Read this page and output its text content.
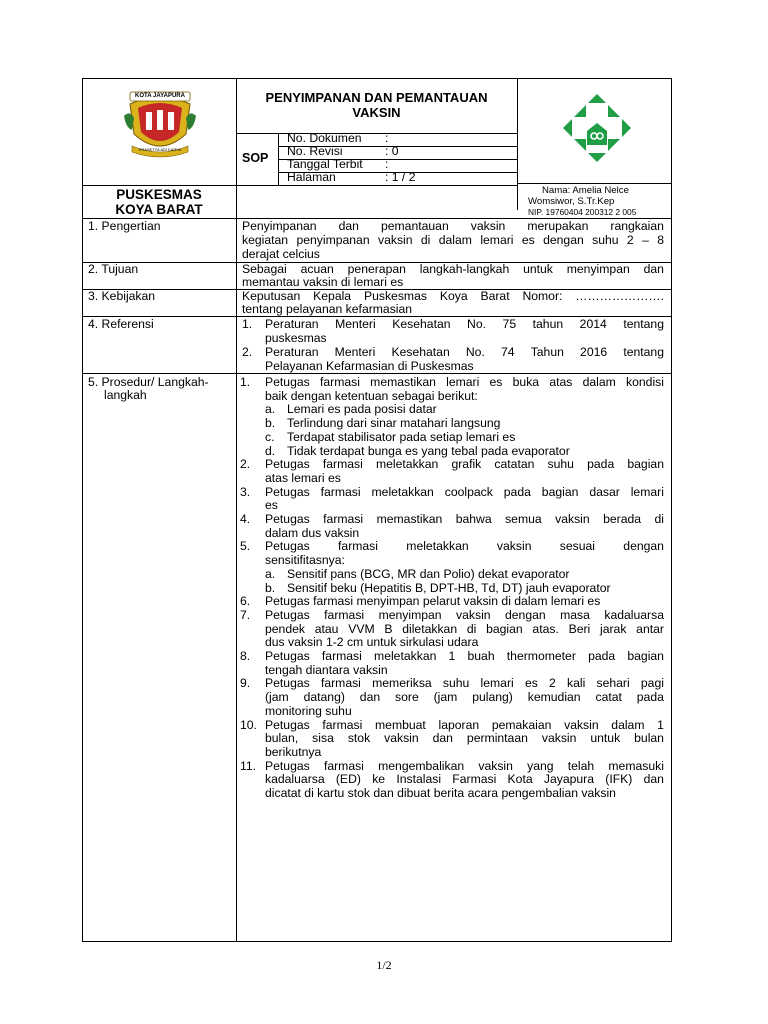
KOTA JAYAPURA
PRASETYA ADI KARYA
PENYIMPANAN DAN PEMANTAUAN
VAKSIN
SOP
No. Dokumen :
No. Revisi	: 0
Tanggal Terbit :
Halaman	: 1 / 2
PUSKESMAS
KOYA BARAT
Nama: Amelia Nelce
Womsiwor, S.Tr.Kep
NIP. 19760404 200312 2 005
1. Pengertian	Penyimpanan dan pemantauan vaksin merupakan rangkaian
kegiatan penyimpanan vaksin di dalam lemari es dengan suhu 2 – 8
derajat celcius
2. Tujuan	Sebagai acuan penerapan langkah-langkah untuk menyimpan dan
memantau vaksin di lemari es
3. Kebijakan	Keputusan Kepala Puskesmas Koya Barat Nomor: ………………….
tentang pelayanan kefarmasian
4. Referensi	1. Peraturan Menteri Kesehatan No. 75 tahun 2014 tentang
puskesmas
2. Peraturan Menteri Kesehatan No. 74 Tahun 2016 tentang
Pelayanan Kefarmasian di Puskesmas
5. Prosedur/ Langkah-
langkah
1. Petugas farmasi memastikan lemari es buka atas dalam kondisi
baik dengan ketentuan sebagai berikut:
a. Lemari es pada posisi datar
b. Terlindung dari sinar matahari langsung
c. Terdapat stabilisator pada setiap lemari es
d. Tidak terdapat bunga es yang tebal pada evaporator
2. Petugas farmasi meletakkan grafik catatan suhu pada bagian
atas lemari es
3. Petugas farmasi meletakkan coolpack pada bagian dasar lemari
es
4. Petugas farmasi memastikan bahwa semua vaksin berada di
dalam dus vaksin
5. Petugas farmasi meletakkan vaksin sesuai dengan
sensitifitasnya:
a. Sensitif pans (BCG, MR dan Polio) dekat evaporator
b. Sensitif beku (Hepatitis B, DPT-HB, Td, DT) jauh evaporator
6. Petugas farmasi menyimpan pelarut vaksin di dalam lemari es
7. Petugas farmasi menyimpan vaksin dengan masa kadaluarsa
pendek atau VVM B diletakkan di bagian atas. Beri jarak antar
dus vaksin 1-2 cm untuk sirkulasi udara
8. Petugas farmasi meletakkan 1 buah thermometer pada bagian
tengah diantara vaksin
9. Petugas farmasi memeriksa suhu lemari es 2 kali sehari pagi
(jam datang) dan sore (jam pulang) kemudian catat pada
monitoring suhu
10. Petugas farmasi membuat laporan pemakaian vaksin dalam 1
bulan, sisa stok vaksin dan permintaan vaksin untuk bulan
berikutnya
11. Petugas farmasi mengembalikan vaksin yang telah memasuki
kadaluarsa (ED) ke Instalasi Farmasi Kota Jayapura (IFK) dan
dicatat di kartu stok dan dibuat berita acara pengembalian vaksin
1/2
